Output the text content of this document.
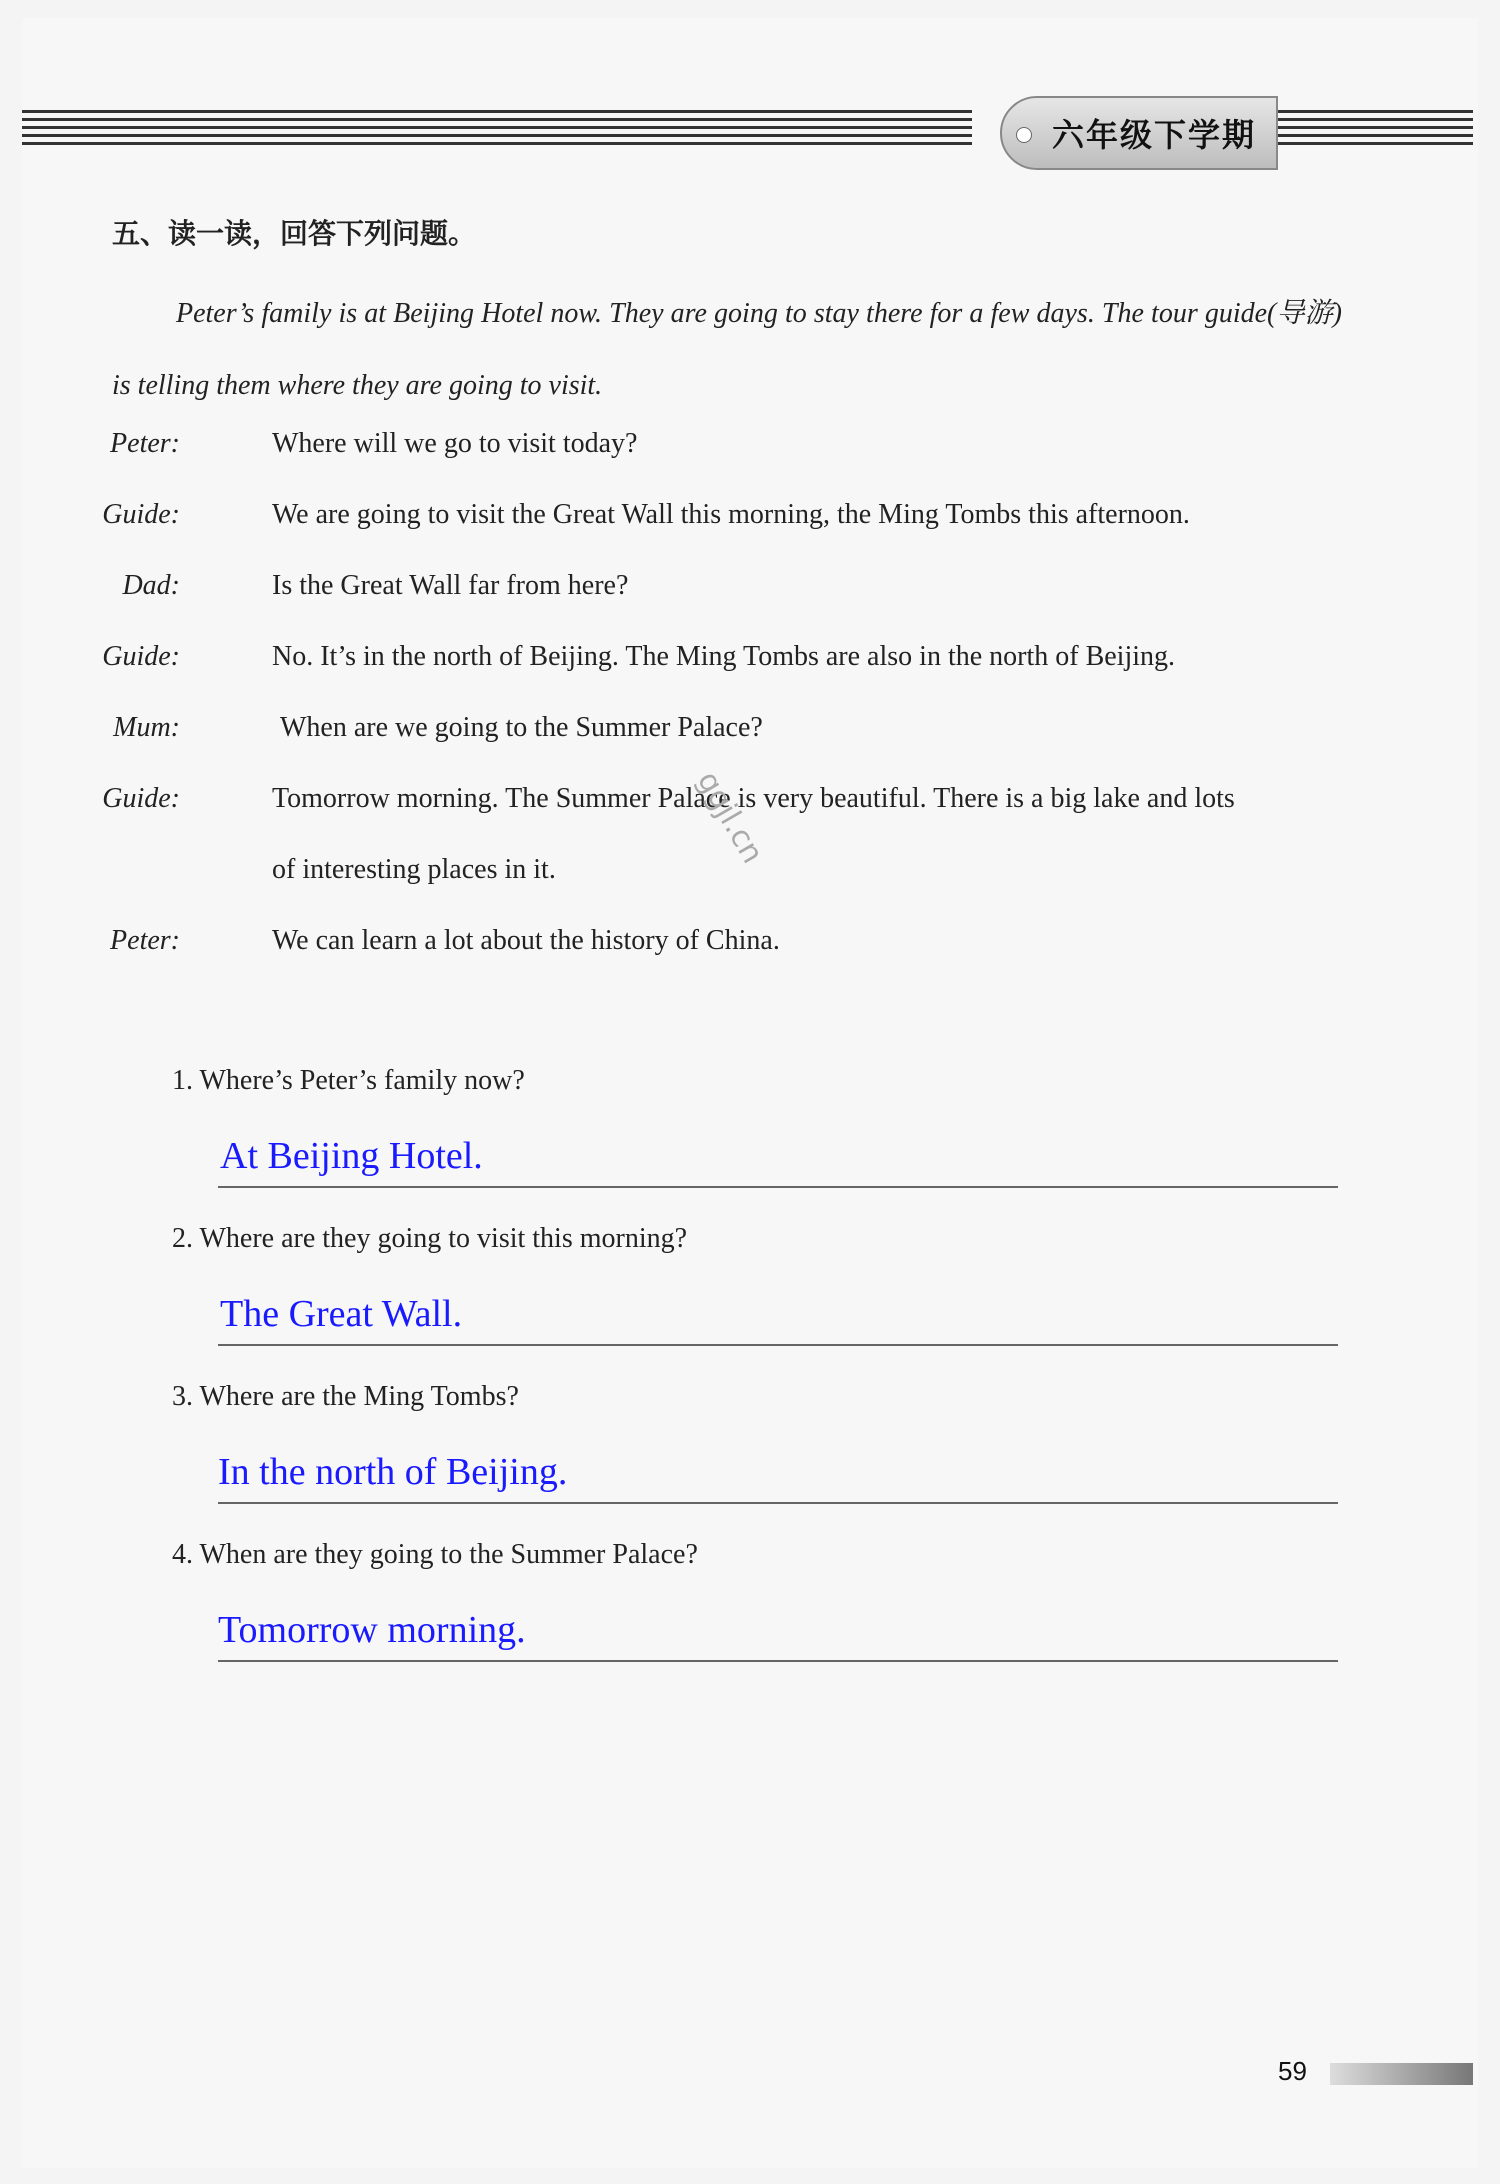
六年级下学期
五、读一读，回答下列问题。
Peter’s family is at Beijing Hotel now. They are going to stay there for a few days. The tour guide(导游) is telling them where they are going to visit.
Peter:	Where will we go to visit today?
Guide:	We are going to visit the Great Wall this morning, the Ming Tombs this afternoon.
Dad:	Is the Great Wall far from here?
Guide:	No. It’s in the north of Beijing. The Ming Tombs are also in the north of Beijing.
Mum:	When are we going to the Summer Palace?
Guide:	Tomorrow morning. The Summer Palace is very beautiful. There is a big lake and lots
of interesting places in it.
Peter:	We can learn a lot about the history of China.
ggjl.cn
1. Where’s Peter’s family now?
At Beijing Hotel.
2. Where are they going to visit this morning?
The Great Wall.
3. Where are the Ming Tombs?
In the north of Beijing.
4. When are they going to the Summer Palace?
Tomorrow morning.
59
